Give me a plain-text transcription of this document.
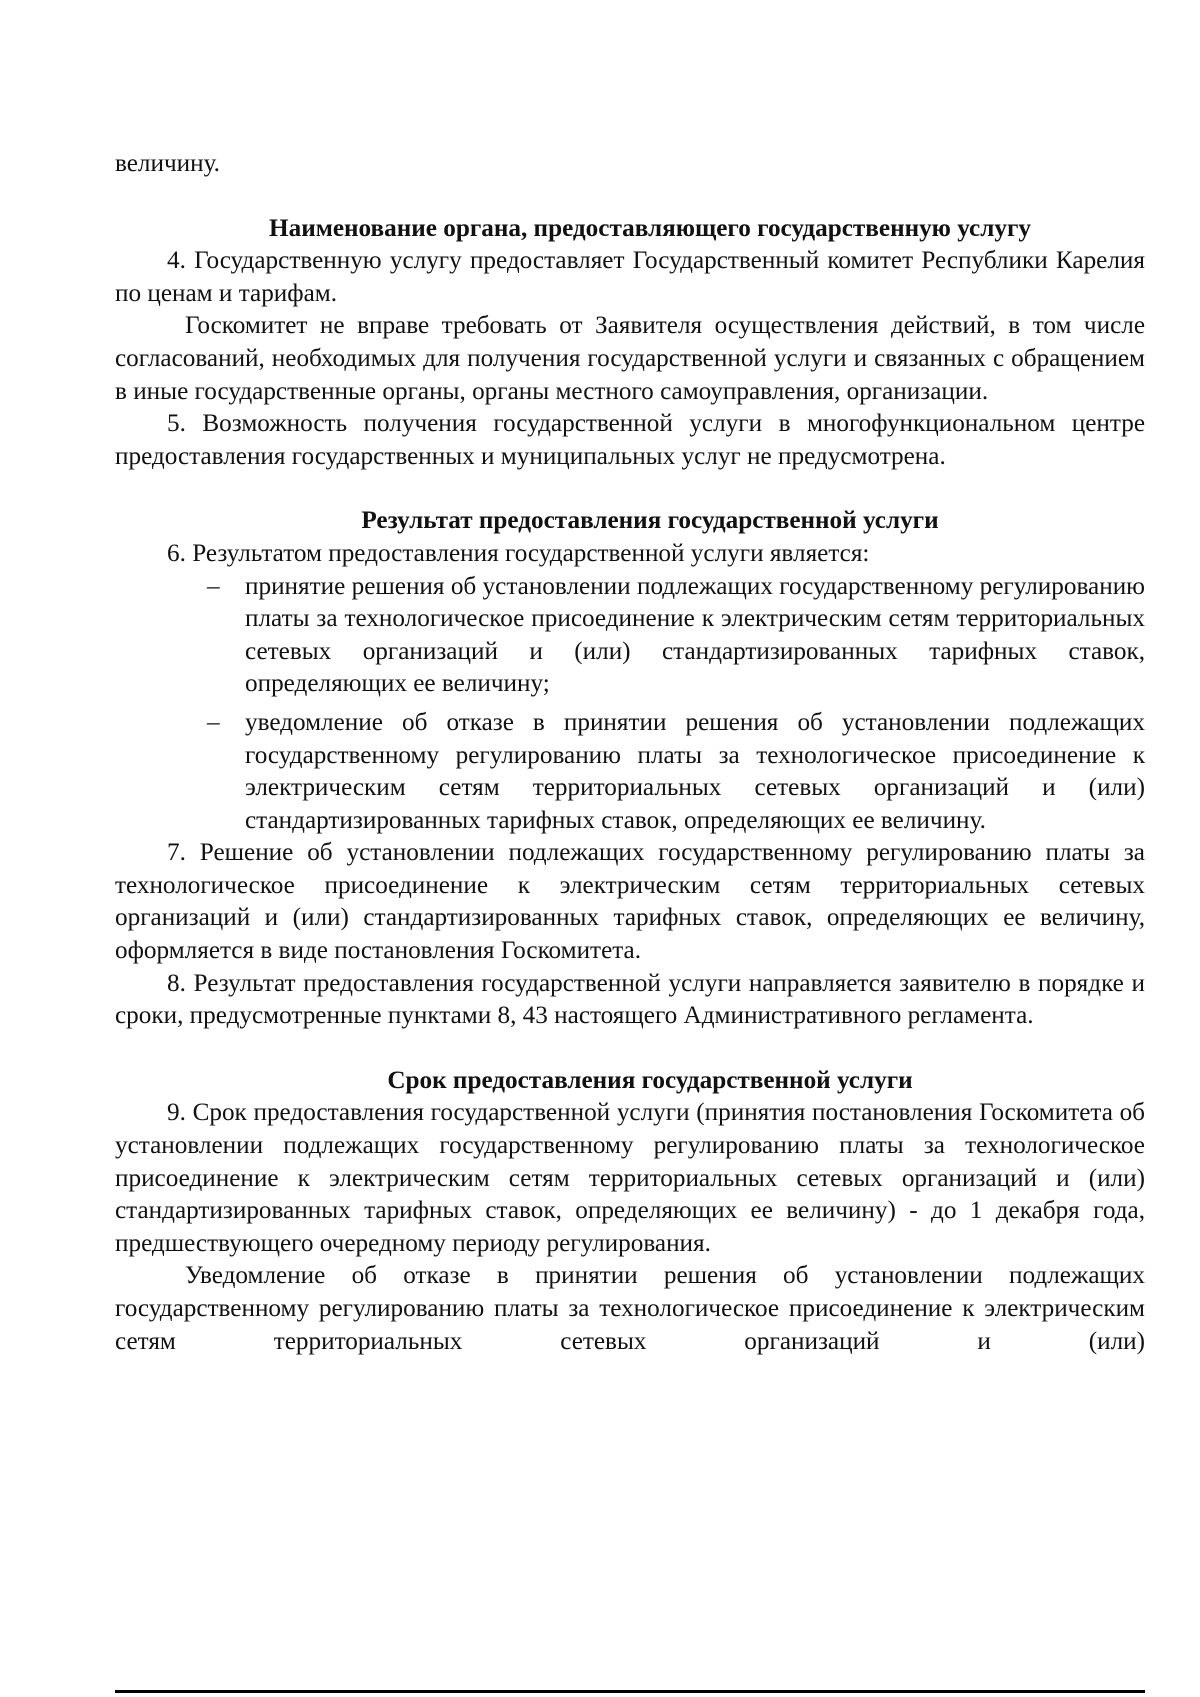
величину.

Наименование органа, предоставляющего государственную услугу

4. Государственную услугу предоставляет Государственный комитет Республики Карелия по ценам и тарифам.

Госкомитет не вправе требовать от Заявителя осуществления действий, в том числе согласований, необходимых для получения государственной услуги и связанных с обращением в иные государственные органы, органы местного самоуправления, организации.

5. Возможность получения государственной услуги в многофункциональном центре предоставления государственных и муниципальных услуг не предусмотрена.

Результат предоставления государственной услуги

6. Результатом предоставления государственной услуги является:

– принятие решения об установлении подлежащих государственному регулированию платы за технологическое присоединение к электрическим сетям территориальных сетевых организаций и (или) стандартизированных тарифных ставок, определяющих ее величину;
– уведомление об отказе в принятии решения об установлении подлежащих государственному регулированию платы за технологическое присоединение к электрическим сетям территориальных сетевых организаций и (или) стандартизированных тарифных ставок, определяющих ее величину.

7. Решение об установлении подлежащих государственному регулированию платы за технологическое присоединение к электрическим сетям территориальных сетевых организаций и (или) стандартизированных тарифных ставок, определяющих ее величину, оформляется в виде постановления Госкомитета.

8. Результат предоставления государственной услуги направляется заявителю в порядке и сроки, предусмотренные пунктами 8, 43 настоящего Административного регламента.

Срок предоставления государственной услуги

9. Срок предоставления государственной услуги (принятия постановления Госкомитета об установлении подлежащих государственному регулированию платы за технологическое присоединение к электрическим сетям территориальных сетевых организаций и (или) стандартизированных тарифных ставок, определяющих ее величину) - до 1 декабря года, предшествующего очередному периоду регулирования.

Уведомление об отказе в принятии решения об установлении подлежащих государственному регулированию платы за технологическое присоединение к электрическим сетям территориальных сетевых организаций и (или)
